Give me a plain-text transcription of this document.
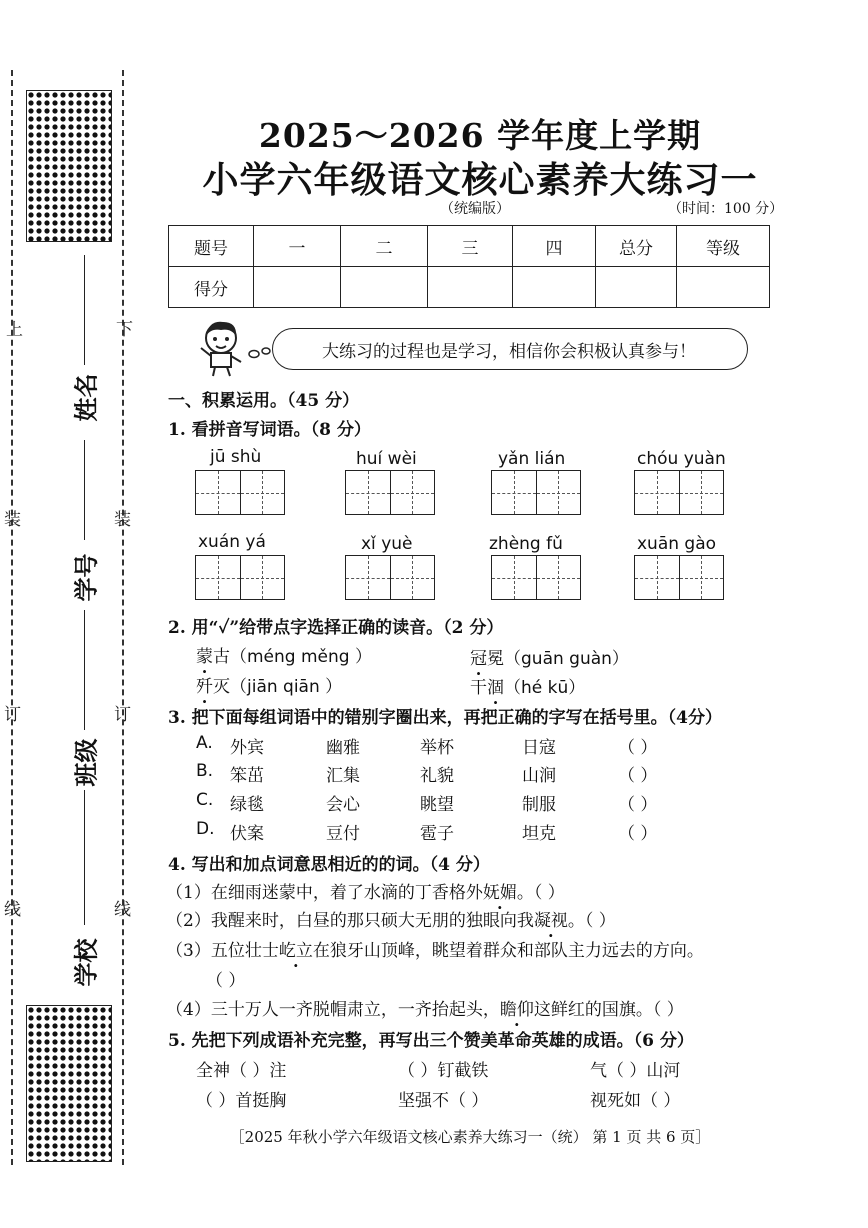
上	下
装	装
订	订
线	线
姓名
学号
班级
学校
2025～2026 学年度上学期
小学六年级语文核心素养大练习一
（统编版）	（时间：100 分）
题号	一	二	三	四	总分	等级
得分						
大练习的过程也是学习，相信你会积极认真参与！
一、积累运用。（45 分）
1. 看拼音写词语。（8 分）
jū shù	huí wèi	yǎn lián	chóu yuàn
xuán yá	xǐ yuè	zhèng fǔ	xuān gào
2. 用“✓”给带点字选择正确的读音。（2 分）
蒙古（méng měng ）	冠冕（guān guàn）
歼灭（jiān qiān ）	干涸（hé kū）
3. 把下面每组词语中的错别字圈出来，再把正确的字写在括号里。（4分）
A. 外宾	幽雅	举杯	日寇	（ ）
B. 笨茁	汇集	礼貌	山涧	（ ）
C. 绿毯	会心	眺望	制服	（ ）
D. 伏案	豆付	雹子	坦克	（ ）
4. 写出和加点词意思相近的的词。（4 分）
（1）在细雨迷蒙中，着了水滴的丁香格外妩媚。（ ）
（2）我醒来时，白昼的那只硕大无朋的独眼向我凝视。（ ）
（3）五位壮士屹立在狼牙山顶峰，眺望着群众和部队主力远去的方向。
（ ）
（4）三十万人一齐脱帽肃立，一齐抬起头，瞻仰这鲜红的国旗。（ ）
5. 先把下列成语补充完整，再写出三个赞美革命英雄的成语。（6 分）
全神（ ）注	（ ）钉截铁	气（ ）山河
（ ）首挺胸	坚强不（ ）	视死如（ ）
［2025 年秋小学六年级语文核心素养大练习一（统） 第 1 页 共 6 页］
